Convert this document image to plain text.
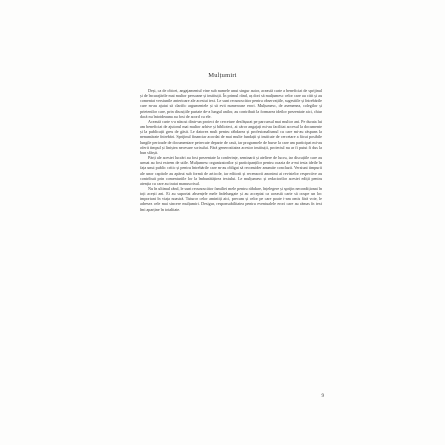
Mulțumiri

Deși, ca de obicei, angajamentul vine sub numele unui singur autor, această carte a beneficiat de sprijinul și de încurajările mai multor persoane și instituții. În primul rând, aș dori să mulțumesc celor care au citit și au comentat versiunile anterioare ale acestui text. Le sunt recunoscător pentru observațiile, sugestiile și întrebările care m-au ajutat să clarific argumentele și să evit numeroase erori. Mulțumesc, de asemenea, colegilor și prietenilor care, prin discuțiile purtate de-a lungul anilor, au contribuit la formarea ideilor prezentate aici, chiar dacă nu întotdeauna au fost de acord cu ele.

Această carte s-a născut dintr-un proiect de cercetare desfășurat pe parcursul mai multor ani. Pe durata lui am beneficiat de ajutorul mai multor arhive și biblioteci, ai căror angajați mi-au facilitat accesul la documente și la publicații greu de găsit. Le datorez mult pentru răbdarea și profesionalismul cu care mi-au răspuns la nenumărate întrebări. Sprijinul financiar acordat de mai multe fundații și institute de cercetare a făcut posibile lungile perioade de documentare petrecute departe de casă, iar programele de burse la care am participat mi-au oferit timpul și liniștea necesare scrisului. Fără generozitatea acestor instituții, proiectul nu ar fi putut fi dus la bun sfârșit.

Părți ale acestei lucrări au fost prezentate la conferințe, seminarii și ateliere de lucru, iar discuțiile care au urmat au fost extrem de utile. Mulțumesc organizatorilor și participanților pentru ocazia de a-mi testa ideile în fața unui public critic și pentru întrebările care m-au obligat să reconsider anumite concluzii. Versiuni timpurii ale unor capitole au apărut sub formă de articole, iar editorii și recenzorii anonimi ai revistelor respective au contribuit prin comentariile lor la îmbunătățirea textului. Le mulțumesc și redactorilor acestei ediții pentru atenția cu care au tratat manuscrisul.

Nu în ultimul rând, le sunt recunoscător familiei mele pentru răbdare, înțelegere și sprijin necondiționat în toți acești ani. Ei au suportat absențele mele îndelungate și au acceptat ca această carte să ocupe un loc important în viața noastră. Tuturor celor amintiți aici, precum și celor pe care poate i-am omis fără voie, le adresez cele mai sincere mulțumiri. Desigur, responsabilitatea pentru eventualele erori care au rămas în text îmi aparține în totalitate.

9
